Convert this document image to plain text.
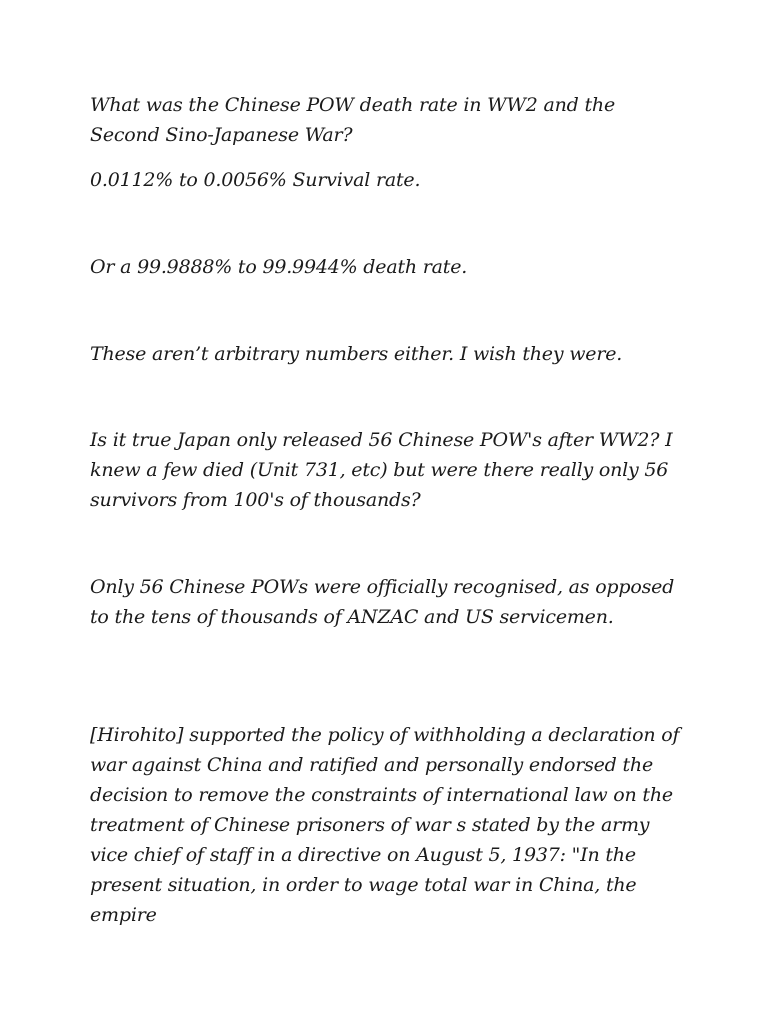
What was the Chinese POW death rate in WW2 and the Second Sino-Japanese War?

0.0112% to 0.0056% Survival rate.

Or a 99.9888% to 99.9944% death rate.

These aren’t arbitrary numbers either. I wish they were.

Is it true Japan only released 56 Chinese POW's after WW2? I knew a few died (Unit 731, etc) but were there really only 56 survivors from 100's of thousands?

Only 56 Chinese POWs were officially recognised, as opposed to the tens of thousands of ANZAC and US servicemen.

[Hirohito] supported the policy of withholding a declaration of war against China and ratified and personally endorsed the decision to remove the constraints of international law on the treatment of Chinese prisoners of war s stated by the army vice chief of staff in a directive on August 5, 1937: "In the present situation, in order to wage total war in China, the empire
